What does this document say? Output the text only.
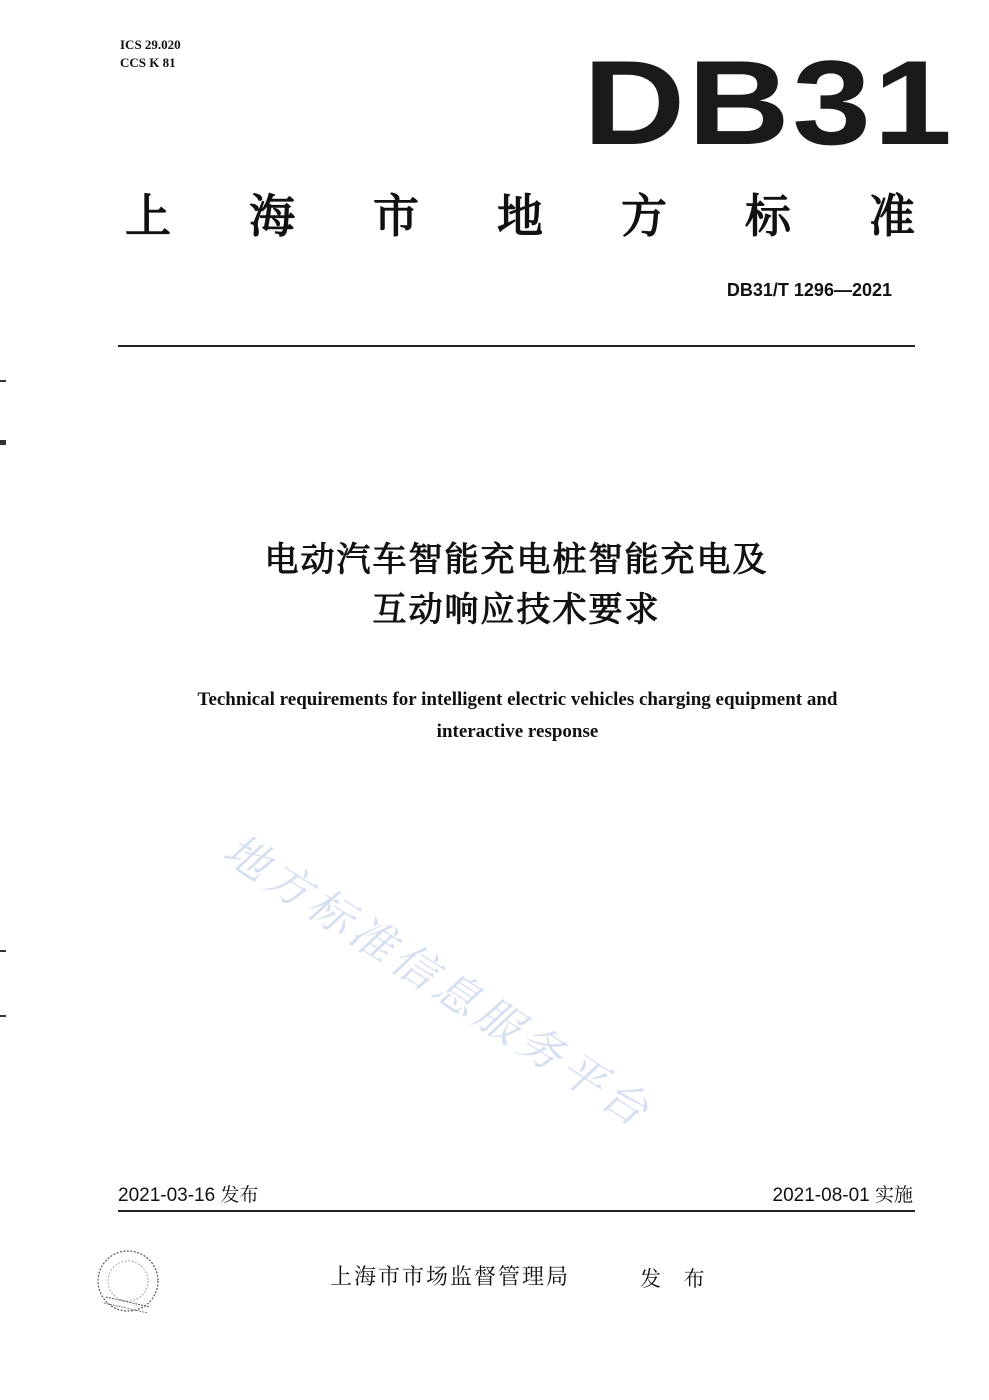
ICS 29.020
CCS K 81	DB31
上 海 市 地 方 标 准
DB31/T 1296—2021
电动汽车智能充电桩智能充电及
互动响应技术要求
Technical requirements for intelligent electric vehicles charging equipment and
interactive response
地方标准信息服务平台
2021-03-16 发布	2021-08-01 实施
上海市市场监督管理局	发 布
